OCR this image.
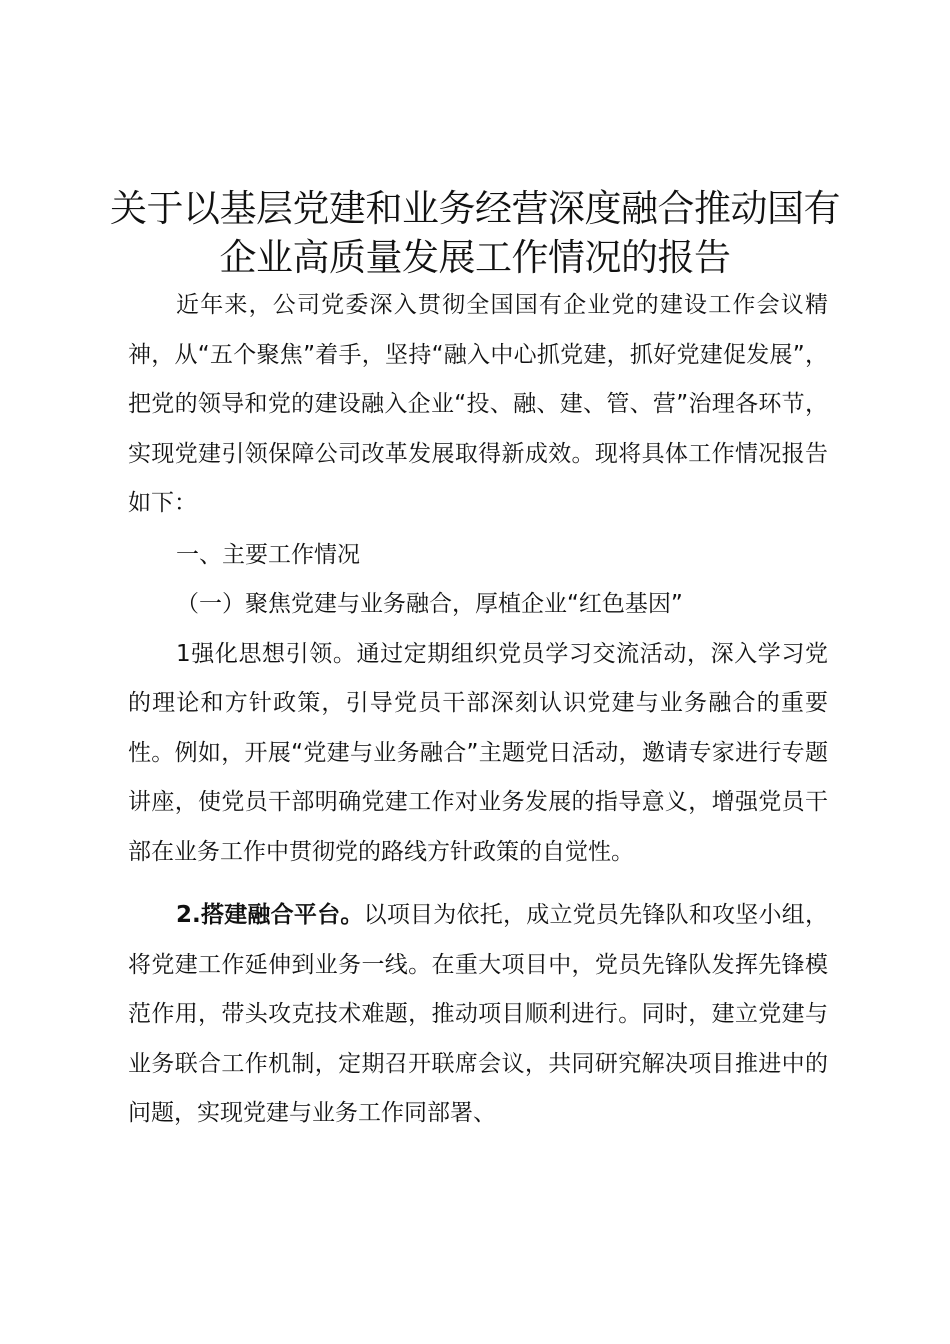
关于以基层党建和业务经营深度融合推动国有
企业高质量发展工作情况的报告

近年来，公司党委深入贯彻全国国有企业党的建设工作会议精神，从“五个聚焦”着手，坚持“融入中心抓党建，抓好党建促发展”，把党的领导和党的建设融入企业“投、融、建、管、营”治理各环节，实现党建引领保障公司改革发展取得新成效。现将具体工作情况报告如下：

一、主要工作情况

（一）聚焦党建与业务融合，厚植企业“红色基因”

1强化思想引领。通过定期组织党员学习交流活动，深入学习党的理论和方针政策，引导党员干部深刻认识党建与业务融合的重要性。例如，开展“党建与业务融合”主题党日活动，邀请专家进行专题讲座，使党员干部明确党建工作对业务发展的指导意义，增强党员干部在业务工作中贯彻党的路线方针政策的自觉性。

2.搭建融合平台。以项目为依托，成立党员先锋队和攻坚小组，将党建工作延伸到业务一线。在重大项目中，党员先锋队发挥先锋模范作用，带头攻克技术难题，推动项目顺利进行。同时，建立党建与业务联合工作机制，定期召开联席会议，共同研究解决项目推进中的问题，实现党建与业务工作同部署、
